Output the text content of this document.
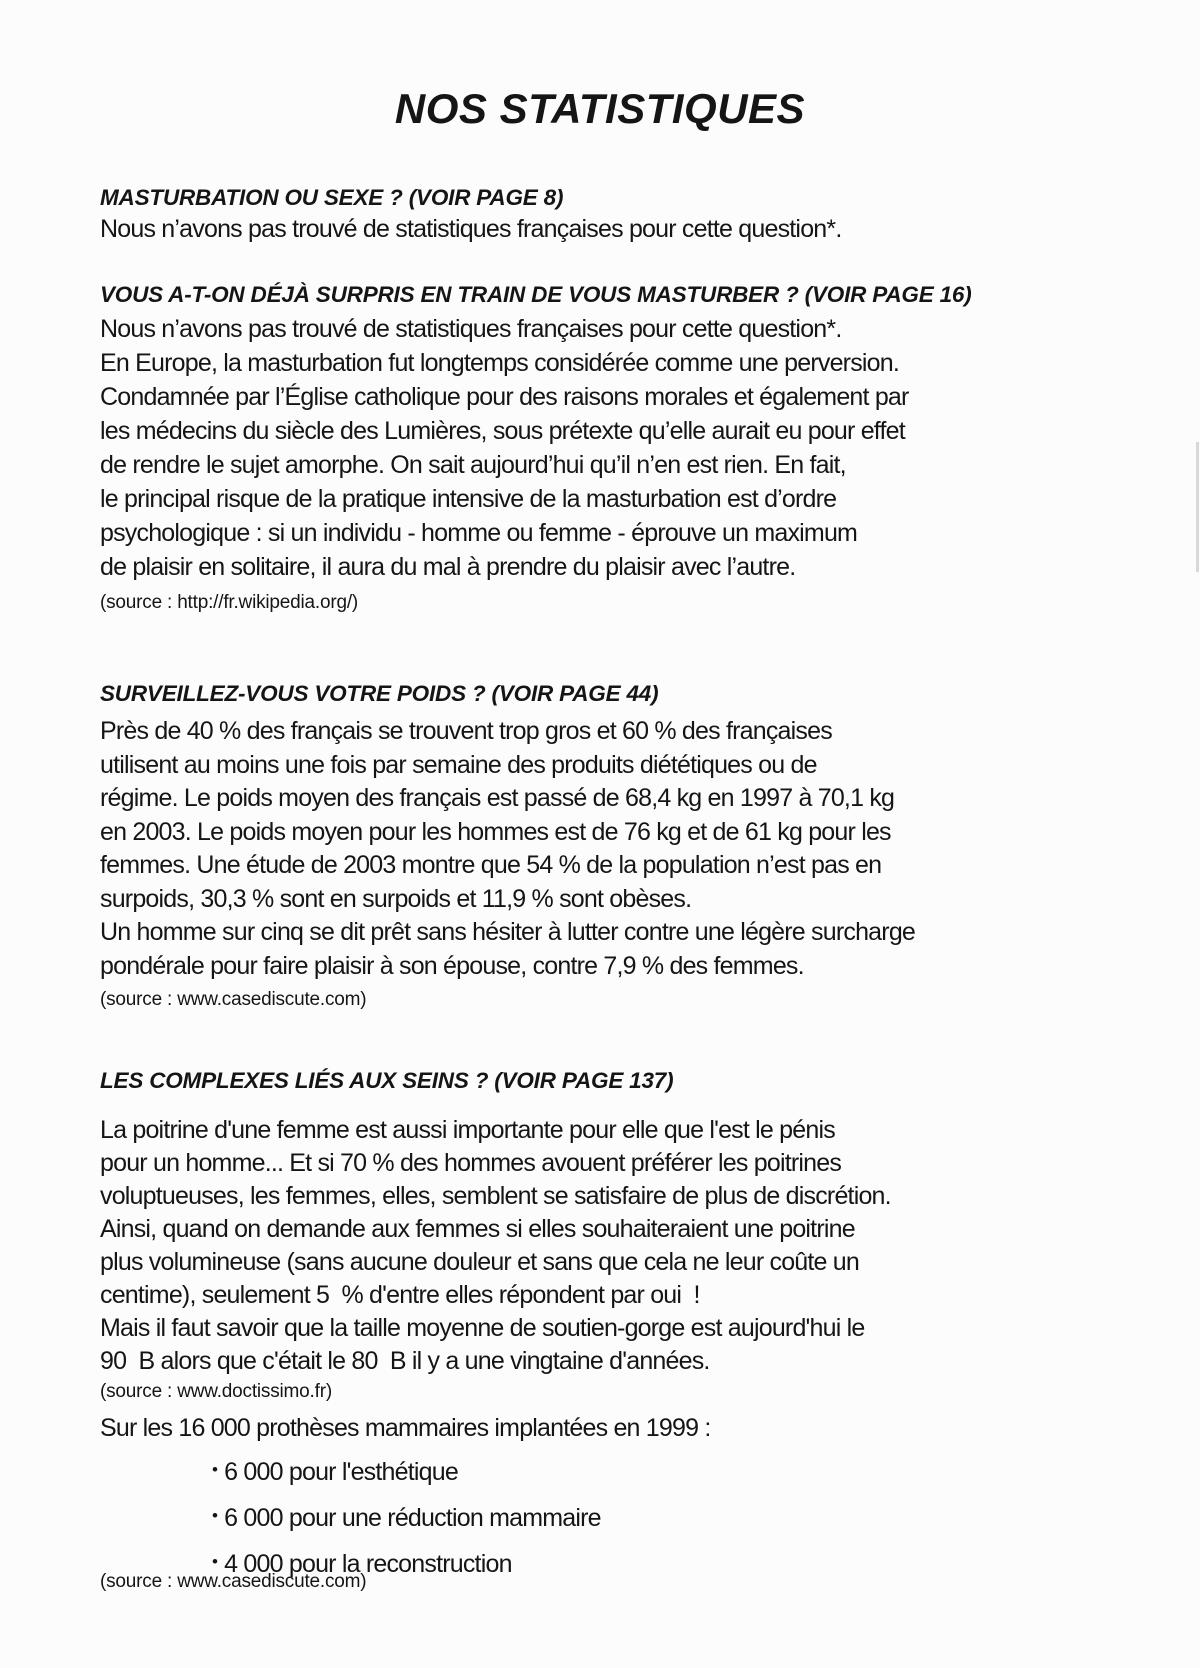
NOS STATISTIQUES
MASTURBATION OU SEXE ? (VOIR PAGE 8)
Nous n’avons pas trouvé de statistiques françaises pour cette question*.
VOUS A-T-ON DÉJÀ SURPRIS EN TRAIN DE VOUS MASTURBER ? (VOIR PAGE 16)
Nous n’avons pas trouvé de statistiques françaises pour cette question*.
En Europe, la masturbation fut longtemps considérée comme une perversion.
Condamnée par l’Église catholique pour des raisons morales et également par
les médecins du siècle des Lumières, sous prétexte qu’elle aurait eu pour effet
de rendre le sujet amorphe. On sait aujourd’hui qu’il n’en est rien. En fait,
le principal risque de la pratique intensive de la masturbation est d’ordre
psychologique : si un individu - homme ou femme - éprouve un maximum
de plaisir en solitaire, il aura du mal à prendre du plaisir avec l’autre.
(source : http://fr.wikipedia.org/)
SURVEILLEZ-VOUS VOTRE POIDS ? (VOIR PAGE 44)
Près de 40 % des français se trouvent trop gros et 60 % des françaises
utilisent au moins une fois par semaine des produits diététiques ou de
régime. Le poids moyen des français est passé de 68,4 kg en 1997 à 70,1 kg
en 2003. Le poids moyen pour les hommes est de 76 kg et de 61 kg pour les
femmes. Une étude de 2003 montre que 54 % de la population n’est pas en
surpoids, 30,3 % sont en surpoids et 11,9 % sont obèses.
Un homme sur cinq se dit prêt sans hésiter à lutter contre une légère surcharge
pondérale pour faire plaisir à son épouse, contre 7,9 % des femmes.
(source : www.casediscute.com)
LES COMPLEXES LIÉS AUX SEINS ? (VOIR PAGE 137)
La poitrine d'une femme est aussi importante pour elle que l'est le pénis
pour un homme... Et si 70 % des hommes avouent préférer les poitrines
voluptueuses, les femmes, elles, semblent se satisfaire de plus de discrétion.
Ainsi, quand on demande aux femmes si elles souhaiteraient une poitrine
plus volumineuse (sans aucune douleur et sans que cela ne leur coûte un
centime), seulement 5  % d'entre elles répondent par oui  !
Mais il faut savoir que la taille moyenne de soutien-gorge est aujourd'hui le
90  B alors que c'était le 80  B il y a une vingtaine d'années.
(source : www.doctissimo.fr)
Sur les 16 000 prothèses mammaires implantées en 1999 :
• 6 000 pour l'esthétique
• 6 000 pour une réduction mammaire
• 4 000 pour la reconstruction
(source : www.casediscute.com)
